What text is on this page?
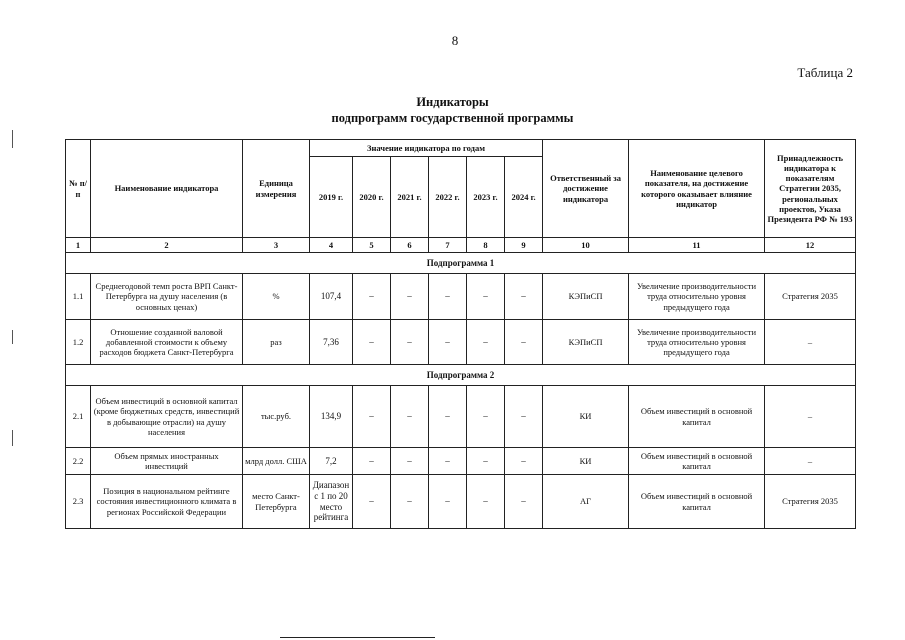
8
Таблица 2
Индикаторы
подпрограмм государственной программы
№ п/п	Наименование индикатора	Единица измерения	Значение индикатора по годам						Ответственный за достижение индикатора	Наименование целевого показателя, на достижение которого оказывает влияние индикатор	Принадлежность индикатора к показателям Стратегии 2035, региональных проектов, Указа Президента РФ № 193
			2019 г.	2020 г.	2021 г.	2022 г.	2023 г.	2024 г.			
1	2	3	4	5	6	7	8	9	10	11	12
Подпрограмма 1											
1.1	Среднегодовой темп роста ВРП Санкт-Петербурга на душу населения (в основных ценах)	%	107,4	–	–	–	–	–	КЭПиСП	Увеличение производительности труда относительно уровня предыдущего года	Стратегия 2035
1.2	Отношение созданной валовой добавленной стоимости к объему расходов бюджета Санкт-Петербурга	раз	7,36	–	–	–	–	–	КЭПиСП	Увеличение производительности труда относительно уровня предыдущего года	–
Подпрограмма 2											
2.1	Объем инвестиций в основной капитал (кроме бюджетных средств, инвестиций в добывающие отрасли) на душу населения	тыс.руб.	134,9	–	–	–	–	–	КИ	Объем инвестиций в основной капитал	–
2.2	Объем прямых иностранных инвестиций	млрд долл. США	7,2	–	–	–	–	–	КИ	Объем инвестиций в основной капитал	–
2.3	Позиция в национальном рейтинге состояния инвестиционного климата в регионах Российской Федерации	место Санкт-Петербурга	Диапазон с 1 по 20 место рейтинга	–	–	–	–	–	АГ	Объем инвестиций в основной капитал	Стратегия 2035
